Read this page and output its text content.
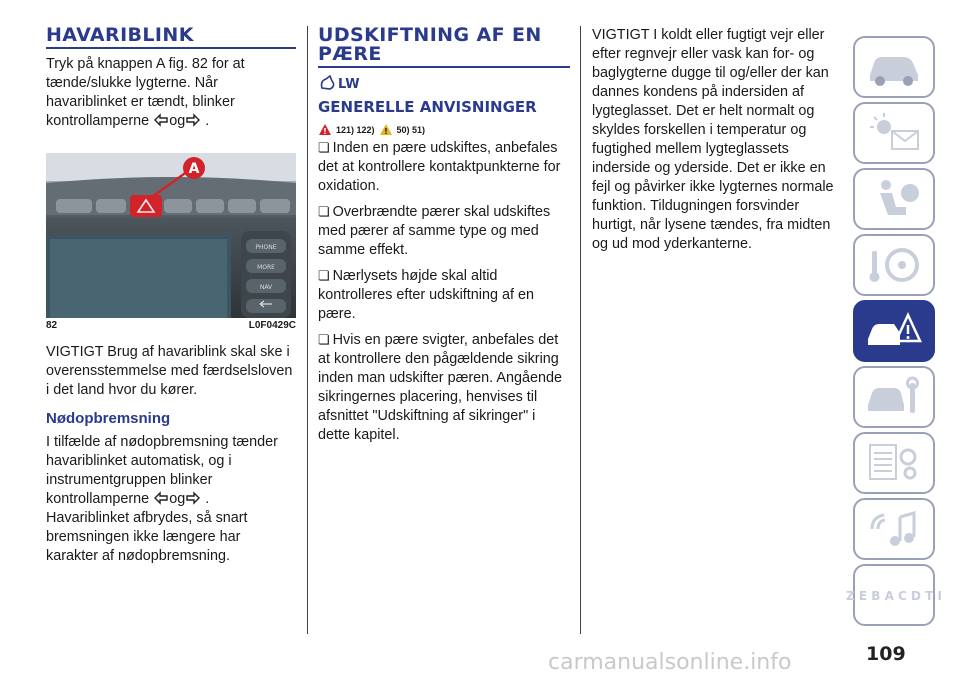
HAVARIBLINK

Tryk på knappen A fig. 82 for at tænde/slukke lygterne. Når havariblinket er tændt, blinker kontrollamperne og .

A
PHONE
MORE
NAV
82	L0F0429C

VIGTIGT Brug af havariblink skal ske i overensstemmelse med færdselsloven i det land hvor du kører.

Nødopbremsning

I tilfælde af nødopbremsning tænder havariblinket automatisk, og i instrumentgruppen blinker kontrollamperne og .
Havariblinket afbrydes, så snart bremsningen ikke længere har karakter af nødopbremsning.

UDSKIFTNING AF EN PÆRE
LW
GENERELLE ANVISNINGER
! 121) 122) ! 50) 51)

❏ Inden en pære udskiftes, anbefales det at kontrollere kontaktpunkterne for oxidation.

❏ Overbrændte pærer skal udskiftes med pærer af samme type og med samme effekt.

❏ Nærlysets højde skal altid kontrolleres efter udskiftning af en pære.

❏ Hvis en pære svigter, anbefales det at kontrollere den pågældende sikring inden man udskifter pæren. Angående sikringernes placering, henvises til afsnittet "Udskiftning af sikringer" i dette kapitel.

VIGTIGT I koldt eller fugtigt vejr eller efter regnvejr eller vask kan for- og baglygterne dugge til og/eller der kan dannes kondens på indersiden af lygteglasset. Det er helt normalt og skyldes forskellen i temperatur og fugtighed mellem lygteglassets inderside og yderside. Det er ikke en fejl og påvirker ikke lygternes normale funktion. Tildugningen forsvinder hurtigt, når lysene tændes, fra midten og ud mod yderkanterne.

Z E B A C D T I
109
carmanualsonline.info
